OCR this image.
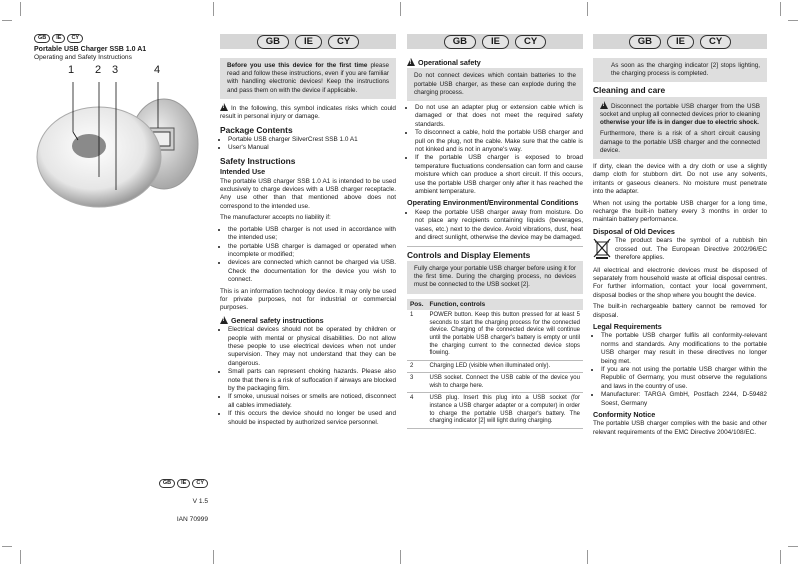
GB	IE	CY
Portable USB Charger SSB 1.0 A1
Operating and Safety Instructions
1 2 3	4
GB	IE	CY
V 1.5
IAN 70999
GB	IE	CY	GB	IE	CY	GB	IE	CY
Before you use this device for the first time please read and follow these instructions, even if you are familiar with handling electronic devices! Keep the instructions and pass them on with the device if applicable.

!In the following, this symbol indicates risks which could result in personal injury or damage.

Package Contents
• Portable USB charger SilverCrest SSB 1.0 A1
• User's Manual
Safety Instructions
Intended Use

The portable USB charger SSB 1.0 A1 is intended to be used exclusively to charge devices with a USB charger receptacle. Any use other than that mentioned above does not correspond to the intended use.

The manufacturer accepts no liability if:

• the portable USB charger is not used in accordance with the intended use;
• the portable USB charger is damaged or operated when incomplete or modified;
• devices are connected which cannot be charged via USB. Check the documentation for the device you wish to connect.

This is an information technology device. It may only be used for private purposes, not for industrial or commercial purposes.

!General safety instructions
• Electrical devices should not be operated by children or people with mental or physical disabilities. Do not allow these people to use electrical devices when not under supervision. They may not understand that they can be dangerous.
• Small parts can represent choking hazards. Please also note that there is a risk of suffocation if airways are blocked by the packaging film.
• If smoke, unusual noises or smells are noticed, disconnect all cables immediately.
• If this occurs the device should no longer be used and should be inspected by authorized service personnel.
!Operational safety
Do not connect devices which contain batteries to the portable USB charger, as these can explode during the charging process.
• Do not use an adapter plug or extension cable which is damaged or that does not meet the required safety standards.
• To disconnect a cable, hold the portable USB charger and pull on the plug, not the cable. Make sure that the cable is not kinked and is not in anyone's way.
• If the portable USB charger is exposed to broad temperature fluctuations condensation can form and cause moisture which can produce a short circuit. If this occurs, use the portable USB charger only after it has reached the ambient temperature.
Operating Environment/Environmental Conditions
• Keep the portable USB charger away from moisture. Do not place any recipients containing liquids (beverages, vases, etc.) next to the device. Avoid vibrations, dust, heat and direct sunlight, otherwise the device may be damaged.
Controls and Display Elements
Fully charge your portable USB charger before using it for the first time. During the charging process, no devices must be connected to the USB socket [2].
Pos.	Function, controls
1	POWER button. Keep this button pressed for at least 5 seconds to start the charging process for the connected device. Charging of the connected device will continue until the portable USB charger's battery is empty or until the charging current to the connected device stops flowing.
2	Charging LED (visible when illuminated only).
3	USB socket. Connect the USB cable of the device you wish to charge here.
4	USB plug. Insert this plug into a USB socket (for instance a USB charger adapter or a computer) in order to charge the portable USB charger's battery. The charging indicator [2] will light during charging.
As soon as the charging indicator [2] stops lighting, the charging process is completed.
Cleaning and care
!Disconnect the portable USB charger from the USB socket and unplug all connected devices prior to cleaning otherwise your life is in danger due to electric shock.
Furthermore, there is a risk of a short circuit causing damage to the portable USB charger and the connected device.

If dirty, clean the device with a dry cloth or use a slightly damp cloth for stubborn dirt. Do not use any solvents, irritants or gaseous cleaners. No moisture must penetrate into the adapter.

When not using the portable USB charger for a long time, recharge the built-in battery every 3 months in order to maintain battery performance.

Disposal of Old Devices

The product bears the symbol of a rubbish bin crossed out. The European Directive 2002/96/EC therefore applies.

All electrical and electronic devices must be disposed of separately from household waste at official disposal centres. For further information, contact your local government, disposal bodies or the shop where you bought the device.

The built-in rechargeable battery cannot be removed for disposal.

Legal Requirements
• The portable USB charger fulfils all conformity-relevant norms and standards. Any modifications to the portable USB charger may result in these directives no longer being met.
• If you are not using the portable USB charger within the Republic of Germany, you must observe the regulations and laws in the country of use.
• Manufacturer: TARGA GmbH, Postfach 2244, D-59482 Soest, Germany
Conformity Notice

The portable USB charger complies with the basic and other relevant requirements of the EMC Directive 2004/108/EC.
